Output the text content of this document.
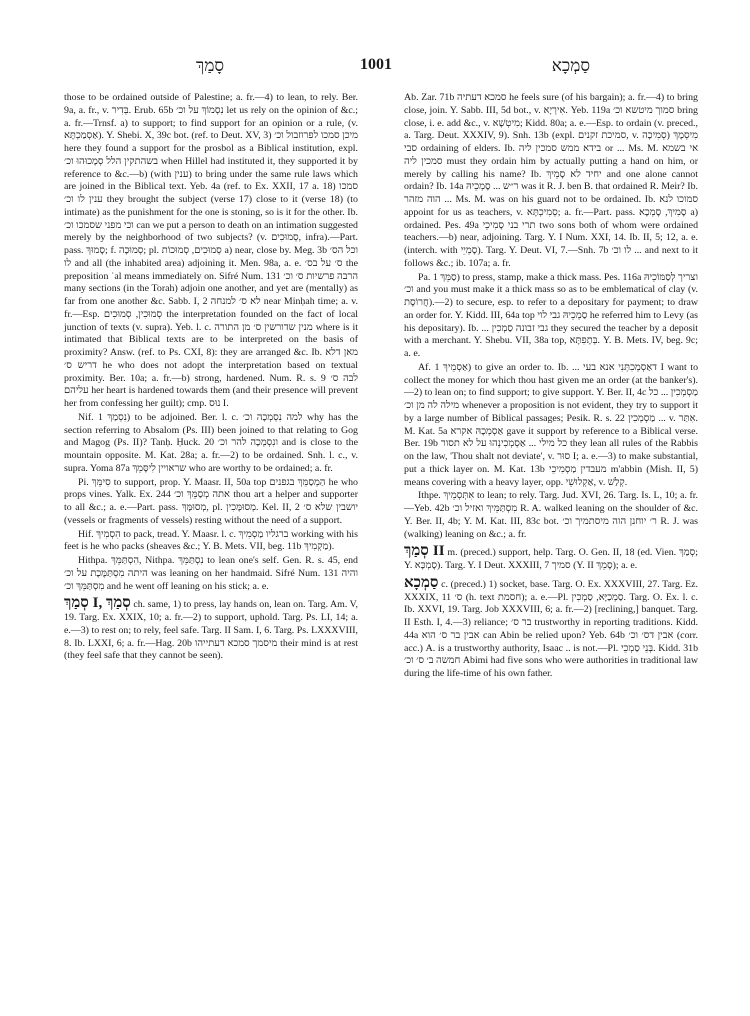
סָמַךְ	1001	סַמְכָא

those to be ordained outside of Palestine; a. fr.—4) to lean, to rely. Ber. 9a, a. fr., v. בְּדִיר. Erub. 65b נִסְמוֹךְ על וכ׳ let us rely on the opinion of &c.; a. fr.—Trnsf. a) to support; to find support for an opinion or a rule, (v. אַסְמַכְתָּא). Y. Shebi. X, 39c bot. (ref. to Deut. XV, 3) מיכן סמכו לפרוזבול וכ׳ here they found a support for the prosbol as a Biblical institution, expl. בשהתקין הלל סְמָכוּהוּ וכ׳ when Hillel had instituted it, they supported it by reference to &c.—b) (with ענין) to bring under the same rule laws which are joined in the Biblical text. Yeb. 4a (ref. to Ex. XXII, 17 a. 18) סמכו ענין לו וכ׳ they brought the subject (verse 17) close to it (verse 18) (to intimate) as the punishment for the one is stoning, so is it for the other. Ib. וכי מפני שסמכו וכ׳ can we put a person to death on an intimation suggested merely by the neighborhood of two subjects? (v. סְמוּכִים, infra).—Part. pass. סָמוּךְ; f. סְמוּכָה; pl. סְמוּכִים, סְמוּכוֹת a) near, close by. Meg. 3b וכל הס׳ לו and all (the inhabited area) adjoining it. Men. 98a, a. e. ס׳ על בס׳ the preposition ʿal means immediately on. Sifré Num. 131 הרבה פרשיות ס׳ וכ׳ many sections (in the Torah) adjoin one another, and yet are (mentally) as far from one another &c. Sabb. I, 2 לא ס׳ למנחה near Minḥah time; a. v. fr.—Esp. סְמוּכִין, סְמוּכִים the interpretation founded on the fact of local junction of texts (v. supra). Yeb. l. c. מנין שדורשין ס׳ מן התורה where is it intimated that Biblical texts are to be interpreted on the basis of proximity? Answ. (ref. to Ps. CXI, 8): they are arranged &c. Ib. מאן דלא דריש ס׳ he who does not adopt the interpretation based on textual proximity. Ber. 10a; a. fr.—b) strong, hardened. Num. R. s. 9 לבה ס׳ עליהם her heart is hardened towards them (and their presence will prevent her from confessing her guilt); cmp. נוּס I.

Nif. נִסְמַךְ 1) to be adjoined. Ber. l. c. למה נִסְמְכָה וכ׳ why has the section referring to Absalom (Ps. III) been joined to that relating to Gog and Magog (Ps. II)? Tanḥ. Ḥuck. 20 ונִסְמְכָה להר וכ׳ and is close to the mountain opposite. M. Kat. 28a; a. fr.—2) to be ordained. Snh. l. c., v. supra. Yoma 87a שראויין לִיסָּמֵךְ who are worthy to be ordained; a. fr.

Pi. סִימֵּךְ to support, prop. Y. Maasr. II, 50a top הַמְסַמֵּךְ בגפנים he who props vines. Yalk. Ex. 244 אתה מְסַמֵּךְ וכ׳ thou art a helper and supporter to all &c.; a. e.—Part. pass. מְסוּמָּךְ, pl. מְסוּמָּכִין. Kel. II, 2 יושבין שלא ס׳ (vessels or fragments of vessels) resting without the need of a support.

Hif. הִסְמִיךְ to pack, tread. Y. Maasr. l. c. ברגליו מַסְמִיךְ working with his feet is he who packs (sheaves &c.; Y. B. Mets. VII, beg. 11b מַקְמִיךְ).

Hithpa. הִסְתַּמֵּךְ, Nithpa. נִסְתַּמֵּךְ to lean one's self. Gen. R. s. 45, end היתה מִסְתַּמֶּכֶת על וכ׳ was leaning on her handmaid. Sifré Num. 131 והיה מִסְתַּמֵּךְ וכ׳ and he went off leaning on his stick; a. e.

סְמַךְ I, סְמַךְ ch. same, 1) to press, lay hands on, lean on. Targ. Am. V, 19. Targ. Ex. XXIX, 10; a. fr.—2) to support, uphold. Targ. Ps. LI, 14; a. e.—3) to rest on; to rely, feel safe. Targ. II Sam. I, 6. Targ. Ps. LXXXVIII, 8. Ib. LXXI, 6; a. fr.—Hag. 20b מיסמך סמכא דעתייהו their mind is at rest (they feel safe that they cannot be seen).

Ab. Zar. 71b סמכא דעתיה he feels sure (of his bargain); a. fr.—4) to bring close, join. Y. Sabb. III, 5d bot., v. אִירְיָא. Yeb. 119a סמוך מיטשא וכ׳ bring close, i. e. add &c., v. מִיטְשָׁא; Kidd. 80a; a. e.—Esp. to ordain (v. preced., a. Targ. Deut. XXXIV, 9). Snh. 13b (expl. סמיכת זקנים, v. סְמִיכָה) מִיסְמָךְ סבי ordaining of elders. Ib. בידא ממש סמכין ליה or ... Ms. M. אי בשמא סמכין ליה must they ordain him by actually putting a hand on him, or merely by calling his name? Ib. יחיד לא סָמֵיךְ and one alone cannot ordain? Ib. 14a ר״ש ... סָמְכֵיהּ was it R. J. ben B. that ordained R. Meir? Ib. הוה מזהר ... Ms. M. was on his guard not to be ordained. Ib. סמוכו לנא appoint for us as teachers, v. סְמִיכְתָּא; a. fr.—Part. pass. סָמִיךְ, סָמְכָא a) ordained. Pes. 49a תרי בני סָמִיכֵי two sons both of whom were ordained teachers.—b) near, adjoining. Targ. Y. I Num. XXI, 14. Ib. II, 5; 12, a. e. (interch. with סָמְיֵי). Targ. Y. Deut. VI, 7.—Snh. 7b לו וכ׳ ... and next to it follows &c.; ib. 107a; a. fr.

Pa. סַמֵּךְ 1) to press, stamp, make a thick mass. Pes. 116a וצריך לְסַמּוֹכֵיהּ וכ׳ and you must make it a thick mass so as to be emblematical of clay (v. חֲרוֹסֶת).—2) to secure, esp. to refer to a depositary for payment; to draw an order for. Y. Kidd. III, 64a top סַמְכֵיהּ גבי לוי he referred him to Levy (as his depositary). Ib. ... גבי זבונה סַמְכִין they secured the teacher by a deposit with a merchant. Y. Shebu. VII, 38a top, בְּתָפִתָּא. Y. B. Mets. IV, beg. 9c; a. e.

Af. אַסְמֵיךְ 1) to give an order to. Ib. ... דאַסְמְכִתְּנִי אנא בעי I want to collect the money for which thou hast given me an order (at the banker's).—2) to lean on; to find support; to give support. Y. Ber. II, 4c מַסְמְכִין ... כל מילה לה מן וכ׳ whenever a proposition is not evident, they try to support it by a large number of Biblical passages; Pesik. R. s. 22 מַסְמְכִין ... v. אִתַּר. M. Kat. 5a אַסְמְכָהּ אקרא gave it support by reference to a Biblical verse. Ber. 19b כל מילי ... אַסְמְכִינְהוּ על לא תסור they lean all rules of the Rabbis on the law, 'Thou shalt not deviate', v. סוּר I; a. e.—3) to make substantial, put a thick layer on. M. Kat. 13b מעבדין מַסְמִיכֵי m'abbin (Mish. II, 5) means covering with a heavy layer, opp. אַקְלוּשֵׁי, v. קְלַשׁ.

Ithpe. אִתְּסְמֵיךְ to lean; to rely. Targ. Jud. XVI, 26. Targ. Is. L, 10; a. fr.—Yeb. 42b מִסְתַּמֵּיךְ ואזיל וכ׳ R. A. walked leaning on the shoulder of &c. Y. Ber. II, 4b; Y. M. Kat. III, 83c bot. ר׳ יוחנן הוה מיסתמיך וכ׳ R. J. was (walking) leaning on &c.; a. fr.

סְמַךְ II m. (preced.) support, help. Targ. O. Gen. II, 18 (ed. Vien. סְמַךְ; Y. סָמְכָּא). Targ. Y. I Deut. XXXIII, 7 סמיך (Y. II סָמֵךְ); a. e.

סַמְכָא c. (preced.) 1) socket, base. Targ. O. Ex. XXXVIII, 27. Targ. Ez. XXXIX, 11 ס׳ (h. text חסמת); a. e.—Pl. סַמְכַיָּא, סַמְכִין. Targ. O. Ex. l. c. Ib. XXVI, 19. Targ. Job XXXVIII, 6; a. fr.—2) [reclining,] banquet. Targ. II Esth. I, 4.—3) reliance; בר ס׳ trustworthy in reporting traditions. Kidd. 44a אבין בר ס׳ הוא can Abin be relied upon? Yeb. 64b אבין דס׳ וכ׳ (corr. acc.) A. is a trustworthy authority, Isaac .. is not.—Pl. בְּנֵי סַמְכֵי. Kidd. 31b חמשה ב׳ ס׳ וכ׳ Abimi had five sons who were authorities in traditional law during the life-time of his own father.
